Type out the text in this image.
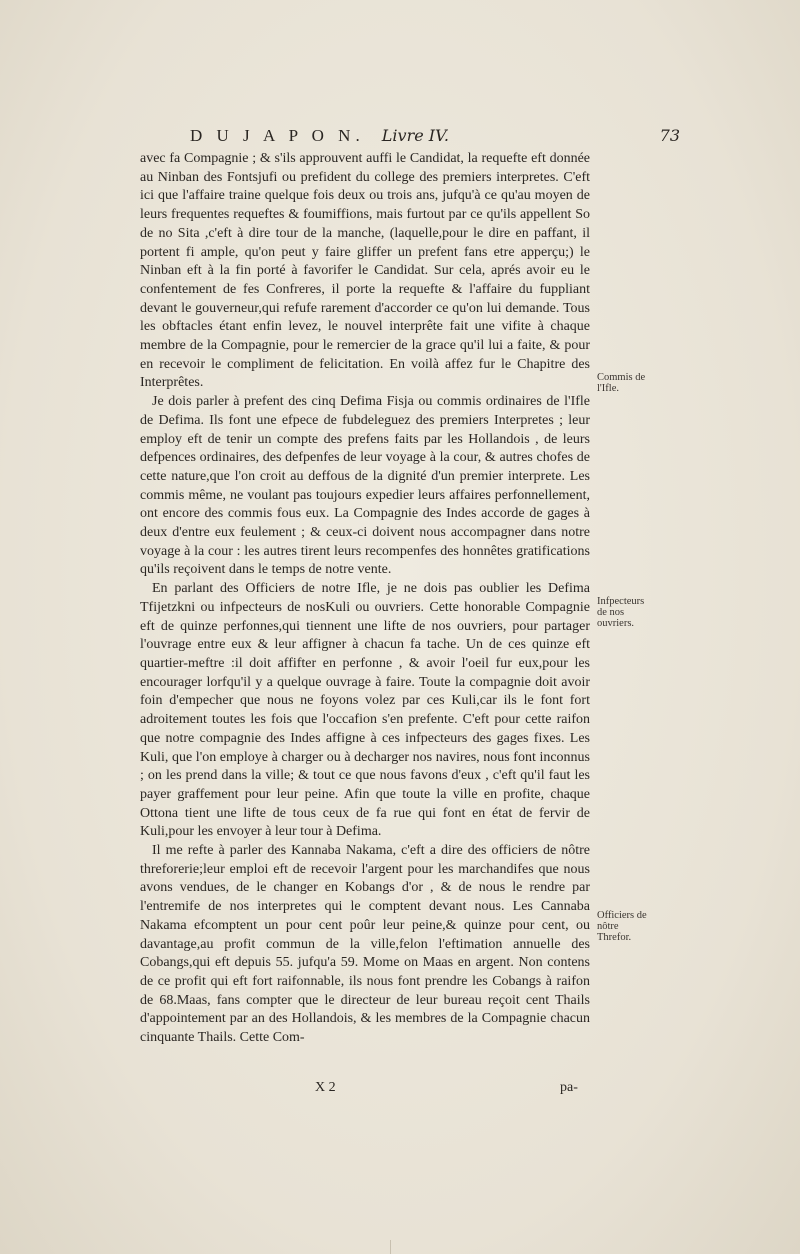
D U J A P O N. Livre IV.	73

avec fa Compagnie ; & s'ils approuvent auffi le Candidat, la requefte eft donnée au Ninban des Fontsjufi ou prefident du college des premiers interpretes. C'eft ici que l'affaire traine quelque fois deux ou trois ans, jufqu'à ce qu'au moyen de leurs frequentes requeftes & foumiffions, mais furtout par ce qu'ils appellent So de no Sita ,c'eft à dire tour de la manche, (laquelle,pour le dire en paffant, il portent fi ample, qu'on peut y faire gliffer un prefent fans etre apperçu;) le Ninban eft à la fin porté à favorifer le Candidat. Sur cela, aprés avoir eu le confentement de fes Confreres, il porte la requefte & l'affaire du fuppliant devant le gouverneur,qui refufe rarement d'accorder ce qu'on lui demande. Tous les obftacles étant enfin levez, le nouvel interprête fait une vifite à chaque membre de la Compagnie, pour le remercier de la grace qu'il lui a faite, & pour en recevoir le compliment de felicitation. En voilà affez fur le Chapitre des Interprêtes.

Je dois parler à prefent des cinq Defima Fisja ou commis ordinaires de l'Ifle de Defima. Ils font une efpece de fubdeleguez des premiers Interpretes ; leur employ eft de tenir un compte des prefens faits par les Hollandois , de leurs defpences ordinaires, des defpenfes de leur voyage à la cour, & autres chofes de cette nature,que l'on croit au deffous de la dignité d'un premier interprete. Les commis même, ne voulant pas toujours expedier leurs affaires perfonnellement, ont encore des commis fous eux. La Compagnie des Indes accorde de gages à deux d'entre eux feulement ; & ceux-ci doivent nous accompagner dans notre voyage à la cour : les autres tirent leurs recompenfes des honnêtes gratifications qu'ils reçoivent dans le temps de notre vente.

En parlant des Officiers de notre Ifle, je ne dois pas oublier les Defima Tfijetzkni ou infpecteurs de nosKuli ou ouvriers. Cette honorable Compagnie eft de quinze perfonnes,qui tiennent une lifte de nos ouvriers, pour partager l'ouvrage entre eux & leur affigner à chacun fa tache. Un de ces quinze eft quartier-meftre :il doit affifter en perfonne , & avoir l'oeil fur eux,pour les encourager lorfqu'il y a quelque ouvrage à faire. Toute la compagnie doit avoir foin d'empecher que nous ne foyons volez par ces Kuli,car ils le font fort adroitement toutes les fois que l'occafion s'en prefente. C'eft pour cette raifon que notre compagnie des Indes affigne à ces infpecteurs des gages fixes. Les Kuli, que l'on employe à charger ou à decharger nos navires, nous font inconnus ; on les prend dans la ville; & tout ce que nous favons d'eux , c'eft qu'il faut les payer graffement pour leur peine. Afin que toute la ville en profite, chaque Ottona tient une lifte de tous ceux de fa rue qui font en état de fervir de Kuli,pour les envoyer à leur tour à Defima.

Il me refte à parler des Kannaba Nakama, c'eft a dire des officiers de nôtre threforerie;leur emploi eft de recevoir l'argent pour les marchandifes que nous avons vendues, de le changer en Kobangs d'or , & de nous le rendre par l'entremife de nos interpretes qui le comptent devant nous. Les Cannaba Nakama efcomptent un pour cent poûr leur peine,& quinze pour cent, ou davantage,au profit commun de la ville,felon l'eftimation annuelle des Cobangs,qui eft depuis 55. jufqu'a 59. Mome on Maas en argent. Non contens de ce profit qui eft fort raifonnable, ils nous font prendre les Cobangs à raifon de 68.Maas, fans compter que le directeur de leur bureau reçoit cent Thails d'appointement par an des Hollandois, & les membres de la Compagnie chacun cinquante Thails. Cette Com-

Commis de l'Ifle.
Infpecteurs de nos ouvriers.
Officiers de nôtre Threfor.
X 2	pa-
